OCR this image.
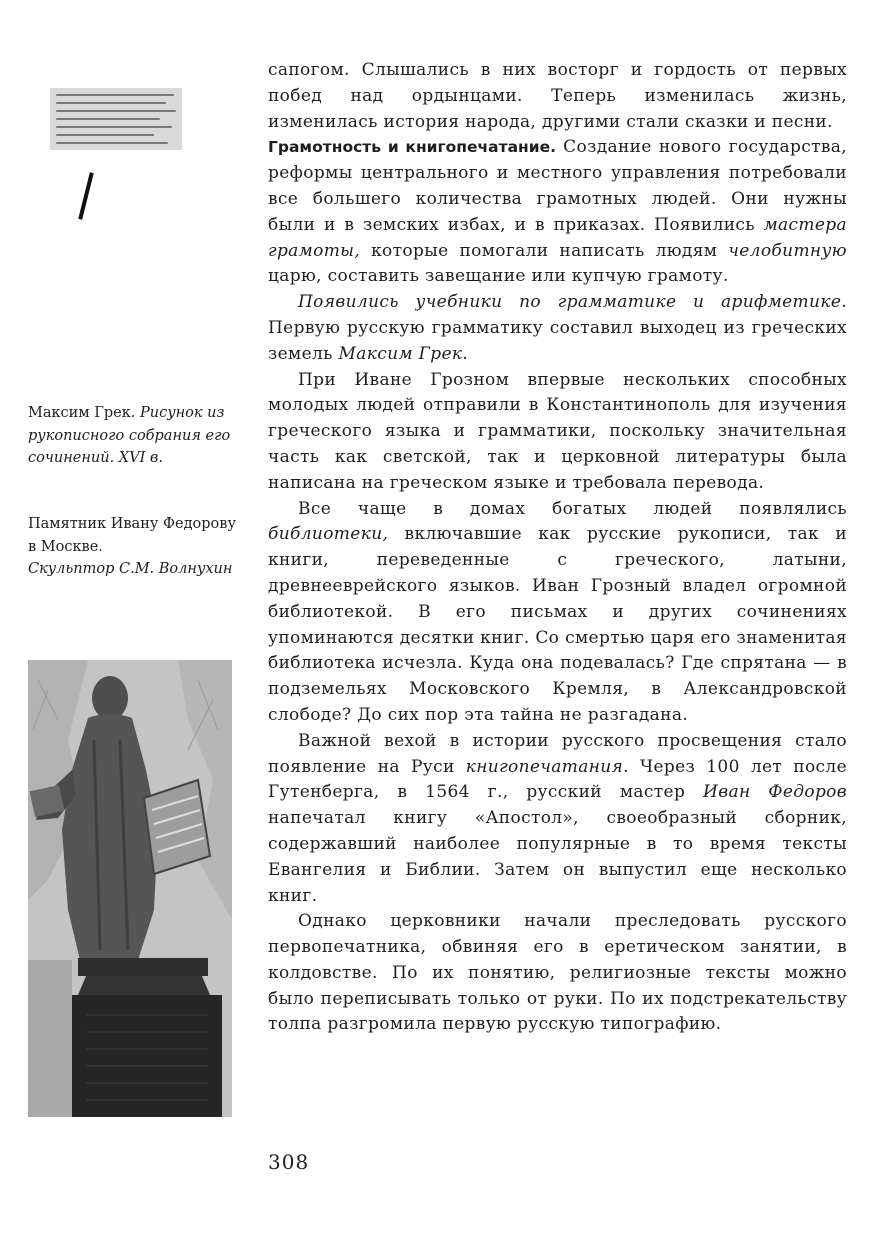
Максим Грек. Рисунок из рукописного собрания его сочинений. XVI в.
Памятник Ивану Федорову в Москве.
Скульптор С.М. Волнухин

сапогом. Слышались в них восторг и гордость от первых побед над ордынцами. Теперь изменилась жизнь, изменилась история народа, другими стали сказки и песни.

Грамотность и книгопечатание. Создание нового государства, реформы центрального и местного управления потребовали все большего количества грамотных людей. Они нужны были и в земских избах, и в приказах. Появились мастера грамоты, которые помогали написать людям челобитную царю, составить завещание или купчую грамоту.

Появились учебники по грамматике и арифметике. Первую русскую грамматику составил выходец из греческих земель Максим Грек.

При Иване Грозном впервые нескольких способных молодых людей отправили в Константинополь для изучения греческого языка и грамматики, поскольку значительная часть как светской, так и церковной литературы была написана на греческом языке и требовала перевода.

Все чаще в домах богатых людей появлялись библиотеки, включавшие как русские рукописи, так и книги, переведенные с греческого, латыни, древнееврейского языков. Иван Грозный владел огромной библиотекой. В его письмах и других сочинениях упоминаются десятки книг. Со смертью царя его знаменитая библиотека исчезла. Куда она подевалась? Где спрятана — в подземельях Московского Кремля, в Александровской слободе? До сих пор эта тайна не разгадана.

Важной вехой в истории русского просвещения стало появление на Руси книгопечатания. Через 100 лет после Гутенберга, в 1564 г., русский мастер Иван Федоров напечатал книгу «Апостол», своеобразный сборник, содержавший наиболее популярные в то время тексты Евангелия и Библии. Затем он выпустил еще несколько книг.

Однако церковники начали преследовать русского первопечатника, обвиняя его в еретическом занятии, в колдовстве. По их понятию, религиозные тексты можно было переписывать только от руки. По их подстрекательству толпа разгромила первую русскую типографию.

308
